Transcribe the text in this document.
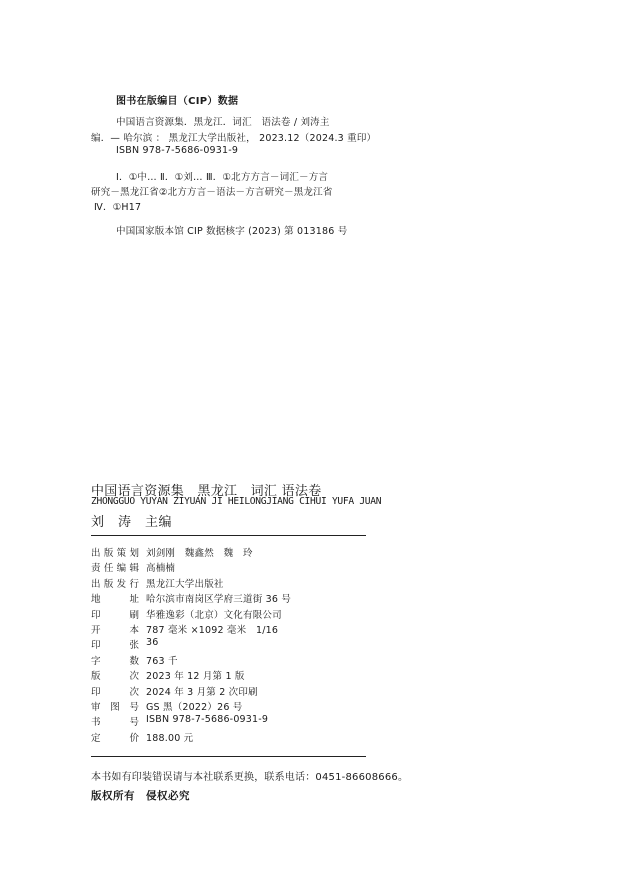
图书在版编目（CIP）数据
中国语言资源集．黑龙江．词汇　语法卷 / 刘涛主
编．— 哈尔滨 ： 黑龙江大学出版社， 2023.12（2024.3 重印）
ISBN 978-7-5686-0931-9
Ⅰ．①中… Ⅱ．①刘… Ⅲ．①北方方言－词汇－方言
研究－黑龙江省②北方方言－语法－方言研究－黑龙江省
Ⅳ．①H17
中国国家版本馆 CIP 数据核字 (2023) 第 013186 号
中国语言资源集　黑龙江　词汇 语法卷
ZHONGGUO YUYAN ZIYUAN JI HEILONGJIANG CIHUI YUFA JUAN
刘　涛　主编
出 版 策 划 刘剑刚　魏鑫然　魏　玲
责 任 编 辑 高楠楠
出 版 发 行 黑龙江大学出版社
地	址 哈尔滨市南岗区学府三道街 36 号
印	刷 华雅逸彩（北京）文化有限公司
开	本 787 毫米 ×1092 毫米　1/16
印	张 36
字	数 763 千
版	次 2023 年 12 月第 1 版
印	次 2024 年 3 月第 2 次印刷
审 图 号 GS 黑（2022）26 号
书	号 ISBN 978-7-5686-0931-9
定	价 188.00 元
本书如有印装错误请与本社联系更换，联系电话：0451-86608666。
版权所有　侵权必究
